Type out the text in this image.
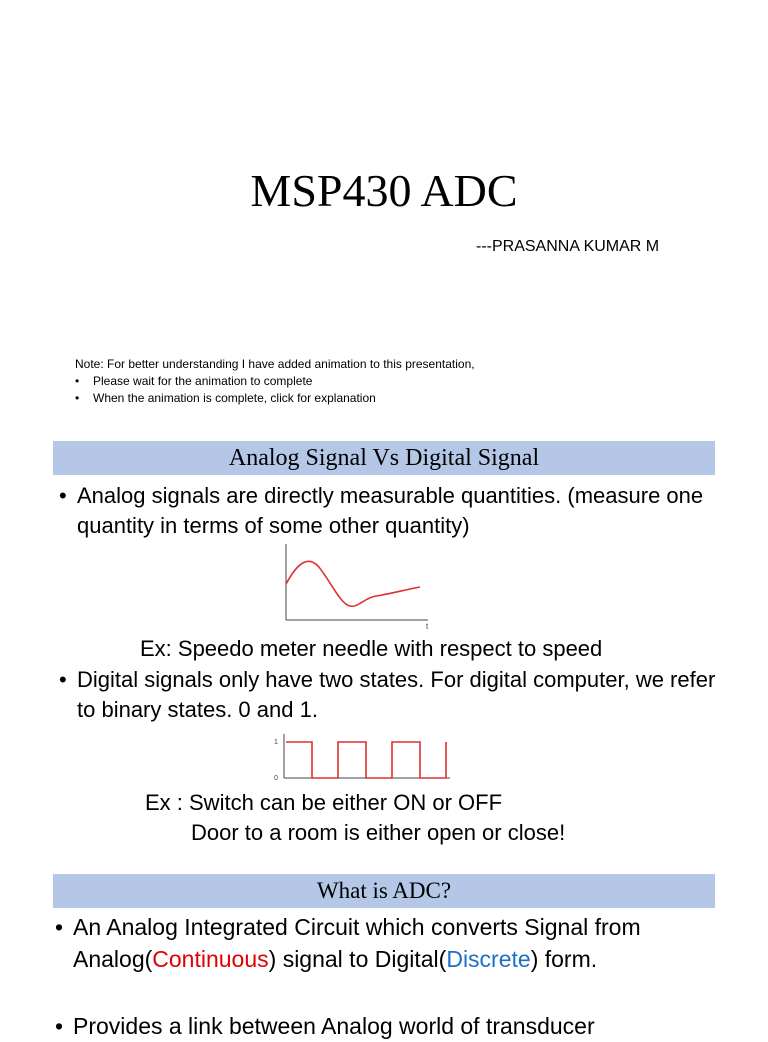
MSP430 ADC
---PRASANNA KUMAR M
Note: For better understanding I have added animation to this presentation,
• Please wait for the animation to complete
• When the animation is complete, click for explanation
Analog Signal Vs Digital Signal
• Analog signals are directly measurable quantities. (measure one quantity in terms of some other quantity)
t
Ex: Speedo meter needle with respect to speed
• Digital signals only have two states. For digital computer, we refer to binary states. 0 and 1.
1
0
Ex : Switch can be either ON or OFF
Door to a room is either open or close!
What is ADC?
• An Analog Integrated Circuit which converts Signal from Analog(Continuous) signal to Digital(Discrete) form.
• Provides a link between Analog world of transducer
